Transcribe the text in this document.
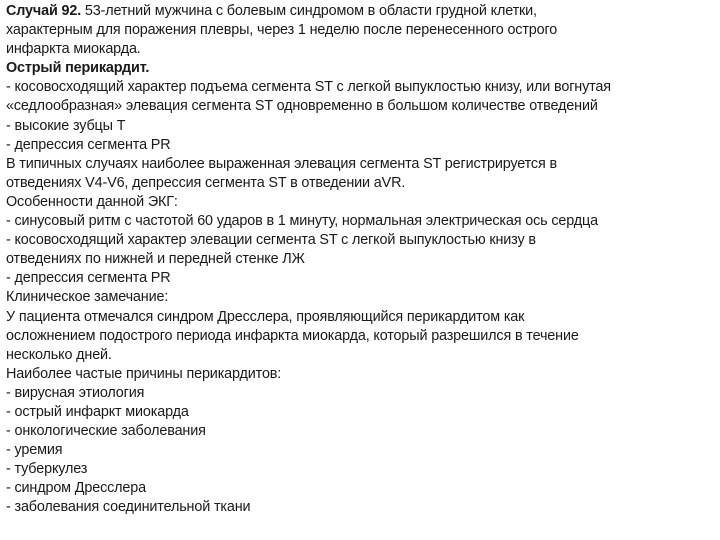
Случай 92. 53-летний мужчина с болевым синдромом в области грудной клетки,
характерным для поражения плевры, через 1 неделю после перенесенного острого
инфаркта миокарда.
Острый перикардит.
- косовосходящий характер подъема сегмента ST с легкой выпуклостью книзу, или вогнутая
«седлообразная» элевация сегмента ST одновременно в большом количестве отведений
- высокие зубцы T
- депрессия сегмента PR
В типичных случаях наиболее выраженная элевация сегмента ST регистрируется в
отведениях V4-V6, депрессия сегмента ST в отведении aVR.
Особенности данной ЭКГ:
- синусовый ритм с частотой 60 ударов в 1 минуту, нормальная электрическая ось сердца
- косовосходящий характер элевации сегмента ST с легкой выпуклостью книзу в
отведениях по нижней и передней стенке ЛЖ
- депрессия сегмента PR
Клиническое замечание:
У пациента отмечался синдром Дресслера, проявляющийся перикардитом как
осложнением подострого периода инфаркта миокарда, который разрешился в течение
несколько дней.
Наиболее частые причины перикардитов:
- вирусная этиология
- острый инфаркт миокарда
- онкологические заболевания
- уремия
- туберкулез
- синдром Дресслера
- заболевания соединительной ткани
